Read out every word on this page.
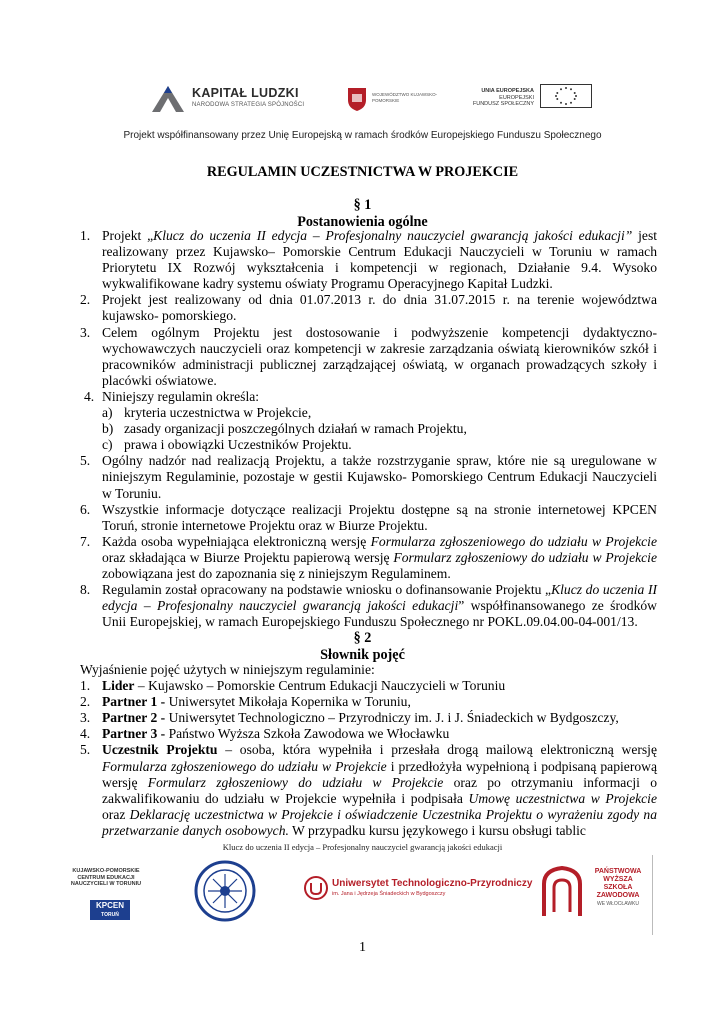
KAPITAŁ LUDZKI
NARODOWA STRATEGIA SPÓJNOŚCI
WOJEWÓDZTWO KUJAWSKO-POMORSKIE
UNIA EUROPEJSKA
EUROPEJSKI
FUNDUSZ SPOŁECZNY
Projekt współfinansowany przez Unię Europejską w ramach środków Europejskiego Funduszu Społecznego
REGULAMIN UCZESTNICTWA W PROJEKCIE
§ 1
Postanowienia ogólne
1. Projekt „Klucz do uczenia II edycja – Profesjonalny nauczyciel gwarancją jakości edukacji” jest realizowany przez Kujawsko– Pomorskie Centrum Edukacji Nauczycieli w Toruniu w ramach Priorytetu IX Rozwój wykształcenia i kompetencji w regionach, Działanie 9.4. Wysoko wykwalifikowane kadry systemu oświaty Programu Operacyjnego Kapitał Ludzki.
2. Projekt jest realizowany od dnia 01.07.2013 r. do dnia 31.07.2015 r. na terenie województwa kujawsko- pomorskiego.
3. Celem ogólnym Projektu jest dostosowanie i podwyższenie kompetencji dydaktyczno-wychowawczych nauczycieli oraz kompetencji w zakresie zarządzania oświatą kierowników szkół i pracowników administracji publicznej zarządzającej oświatą, w organach prowadzących szkoły i placówki oświatowe.
4. Niniejszy regulamin określa:
a) kryteria uczestnictwa w Projekcie,
b) zasady organizacji poszczególnych działań w ramach Projektu,
c) prawa i obowiązki Uczestników Projektu.
5. Ogólny nadzór nad realizacją Projektu, a także rozstrzyganie spraw, które nie są uregulowane w niniejszym Regulaminie, pozostaje w gestii Kujawsko- Pomorskiego Centrum Edukacji Nauczycieli w Toruniu.
6. Wszystkie informacje dotyczące realizacji Projektu dostępne są na stronie internetowej KPCEN Toruń, stronie internetowe Projektu oraz w Biurze Projektu.
7. Każda osoba wypełniająca elektroniczną wersję Formularza zgłoszeniowego do udziału w Projekcie oraz składająca w Biurze Projektu papierową wersję Formularz zgłoszeniowy do udziału w Projekcie zobowiązana jest do zapoznania się z niniejszym Regulaminem.
8. Regulamin został opracowany na podstawie wniosku o dofinansowanie Projektu „Klucz do uczenia II edycja – Profesjonalny nauczyciel gwarancją jakości edukacji” współfinansowanego ze środków Unii Europejskiej, w ramach Europejskiego Funduszu Społecznego nr POKL.09.04.00-04-001/13.
§ 2
Słownik pojęć
Wyjaśnienie pojęć użytych w niniejszym regulaminie:
1. Lider – Kujawsko – Pomorskie Centrum Edukacji Nauczycieli w Toruniu
2. Partner 1 - Uniwersytet Mikołaja Kopernika w Toruniu,
3. Partner 2 - Uniwersytet Technologiczno – Przyrodniczy im. J. i J. Śniadeckich w Bydgoszczy,
4. Partner 3 - Państwo Wyższa Szkoła Zawodowa we Włocławku
5. Uczestnik Projektu – osoba, która wypełniła i przesłała drogą mailową elektroniczną wersję Formularza zgłoszeniowego do udziału w Projekcie i przedłożyła wypełnioną i podpisaną papierową wersję Formularz zgłoszeniowy do udziału w Projekcie oraz po otrzymaniu informacji o zakwalifikowaniu do udziału w Projekcie wypełniła i podpisała Umowę uczestnictwa w Projekcie oraz Deklarację uczestnictwa w Projekcie i oświadczenie Uczestnika Projektu o wyrażeniu zgody na przetwarzanie danych osobowych. W przypadku kursu językowego i kursu obsługi tablic
Klucz do uczenia II edycja – Profesjonalny nauczyciel gwarancją jakości edukacji
KUJAWSKO-POMORSKIE CENTRUM EDUKACJI NAUCZYCIELI W TORUNIU
KPCEN
TORUŃ
Uniwersytet Technologiczno-Przyrodniczy
im. Jana i Jędrzeja Śniadeckich w Bydgoszczy
PAŃSTWOWA WYŻSZA SZKOŁA ZAWODOWA
WE WŁOCŁAWKU
1
